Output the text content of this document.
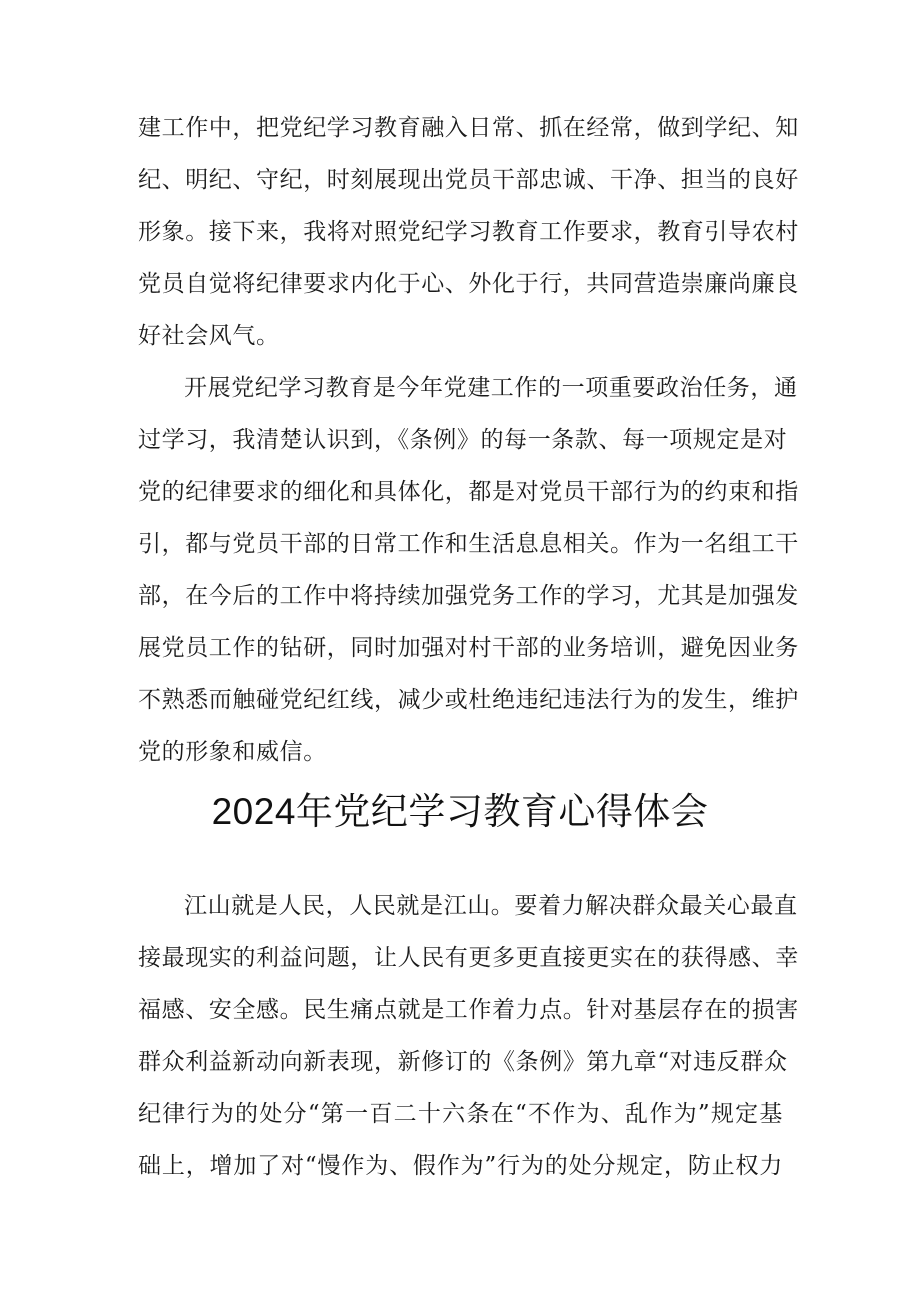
建工作中，把党纪学习教育融入日常、抓在经常，做到学纪、知
纪、明纪、守纪，时刻展现出党员干部忠诚、干净、担当的良好
形象。接下来，我将对照党纪学习教育工作要求，教育引导农村
党员自觉将纪律要求内化于心、外化于行，共同营造崇廉尚廉良
好社会风气。
开展党纪学习教育是今年党建工作的一项重要政治任务，通
过学习，我清楚认识到，《条例》的每一条款、每一项规定是对
党的纪律要求的细化和具体化，都是对党员干部行为的约束和指
引，都与党员干部的日常工作和生活息息相关。作为一名组工干
部，在今后的工作中将持续加强党务工作的学习，尤其是加强发
展党员工作的钻研，同时加强对村干部的业务培训，避免因业务
不熟悉而触碰党纪红线，减少或杜绝违纪违法行为的发生，维护
党的形象和威信。
2024年党纪学习教育心得体会
江山就是人民，人民就是江山。要着力解决群众最关心最直
接最现实的利益问题，让人民有更多更直接更实在的获得感、幸
福感、安全感。民生痛点就是工作着力点。针对基层存在的损害
群众利益新动向新表现，新修订的《条例》第九章“对违反群众
纪律行为的处分“第一百二十六条在“不作为、乱作为”规定基
础上，增加了对“慢作为、假作为”行为的处分规定，防止权力
